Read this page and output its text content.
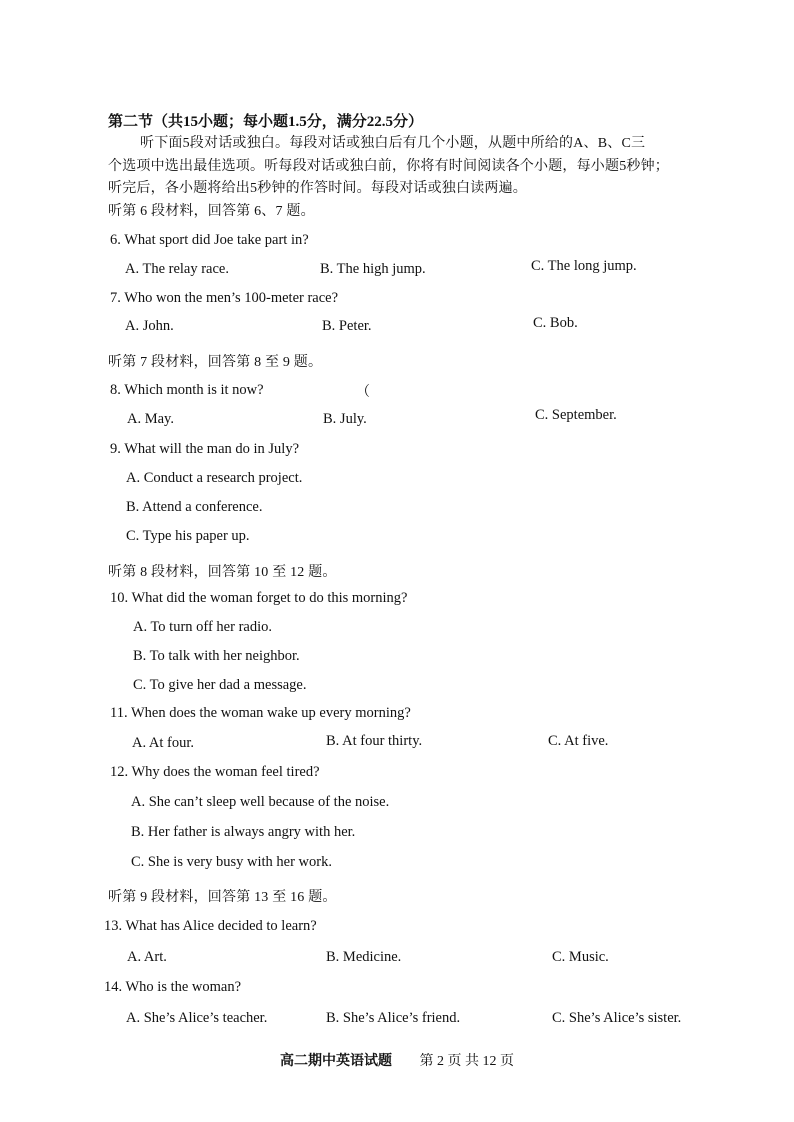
第二节（共15小题；每小题1.5分，满分22.5分）
听下面5段对话或独白。每段对话或独白后有几个小题，从题中所给的A、B、C三
个选项中选出最佳选项。听每段对话或独白前，你将有时间阅读各个小题，每小题5秒钟；
听完后，各小题将给出5秒钟的作答时间。每段对话或独白读两遍。
听第 6 段材料，回答第 6、7 题。
6. What sport did Joe take part in?
A. The relay race.	B. The high jump.	C. The long jump.
7. Who won the men’s 100-meter race?
A. John.	B. Peter.	C. Bob.
听第 7 段材料，回答第 8 至 9 题。
8. Which month is it now?	（
A. May.	B. July.	C. September.
9. What will the man do in July?
A. Conduct a research project.
B. Attend a conference.
C. Type his paper up.
听第 8 段材料，回答第 10 至 12 题。
10. What did the woman forget to do this morning?
A. To turn off her radio.
B. To talk with her neighbor.
C. To give her dad a message.
11. When does the woman wake up every morning?
A. At four.	B. At four thirty.	C. At five.
12. Why does the woman feel tired?
A. She can’t sleep well because of the noise.
B. Her father is always angry with her.
C. She is very busy with her work.
听第 9 段材料，回答第 13 至 16 题。
13. What has Alice decided to learn?
A. Art.	B. Medicine.	C. Music.
14. Who is the woman?
A. She’s Alice’s teacher.	B. She’s Alice’s friend.	C. She’s Alice’s sister.
高二期中英语试题 第 2 页 共 12 页
